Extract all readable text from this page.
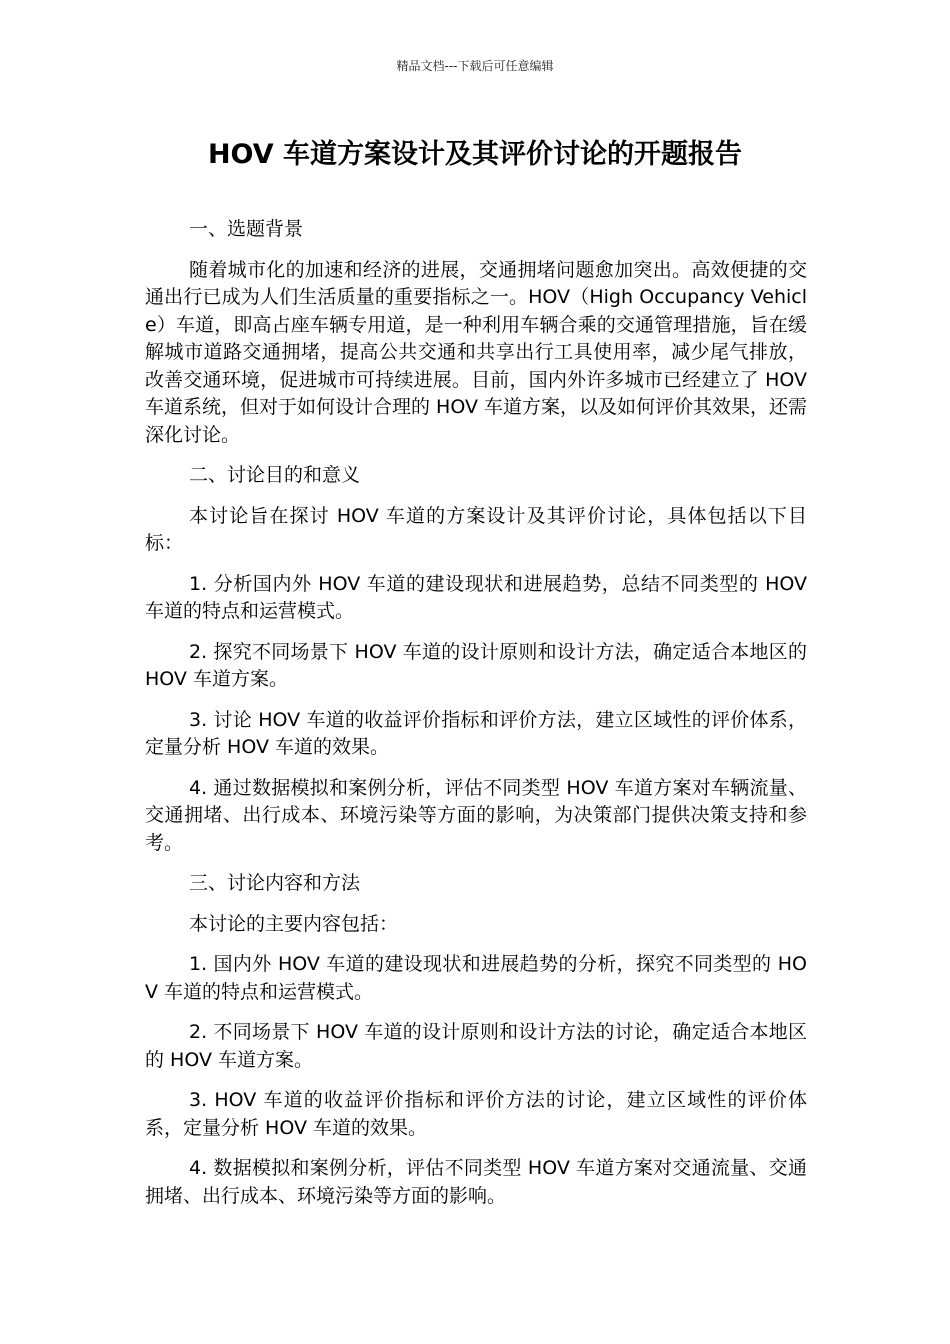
精品文档---下载后可任意编辑
HOV 车道方案设计及其评价讨论的开题报告

一、选题背景

随着城市化的加速和经济的进展，交通拥堵问题愈加突出。高效便捷的交通出行已成为人们生活质量的重要指标之一。HOV（High Occupancy Vehicle）车道，即高占座车辆专用道，是一种利用车辆合乘的交通管理措施，旨在缓解城市道路交通拥堵，提高公共交通和共享出行工具使用率，减少尾气排放，改善交通环境，促进城市可持续进展。目前，国内外许多城市已经建立了 HOV 车道系统，但对于如何设计合理的 HOV 车道方案，以及如何评价其效果，还需深化讨论。

二、讨论目的和意义

本讨论旨在探讨 HOV 车道的方案设计及其评价讨论，具体包括以下目标：

1. 分析国内外 HOV 车道的建设现状和进展趋势，总结不同类型的 HOV 车道的特点和运营模式。

2. 探究不同场景下 HOV 车道的设计原则和设计方法，确定适合本地区的 HOV 车道方案。

3. 讨论 HOV 车道的收益评价指标和评价方法，建立区域性的评价体系，定量分析 HOV 车道的效果。

4. 通过数据模拟和案例分析，评估不同类型 HOV 车道方案对车辆流量、交通拥堵、出行成本、环境污染等方面的影响，为决策部门提供决策支持和参考。

三、讨论内容和方法

本讨论的主要内容包括：

1. 国内外 HOV 车道的建设现状和进展趋势的分析，探究不同类型的 HOV 车道的特点和运营模式。

2. 不同场景下 HOV 车道的设计原则和设计方法的讨论，确定适合本地区的 HOV 车道方案。

3. HOV 车道的收益评价指标和评价方法的讨论，建立区域性的评价体系，定量分析 HOV 车道的效果。

4. 数据模拟和案例分析，评估不同类型 HOV 车道方案对交通流量、交通拥堵、出行成本、环境污染等方面的影响。
